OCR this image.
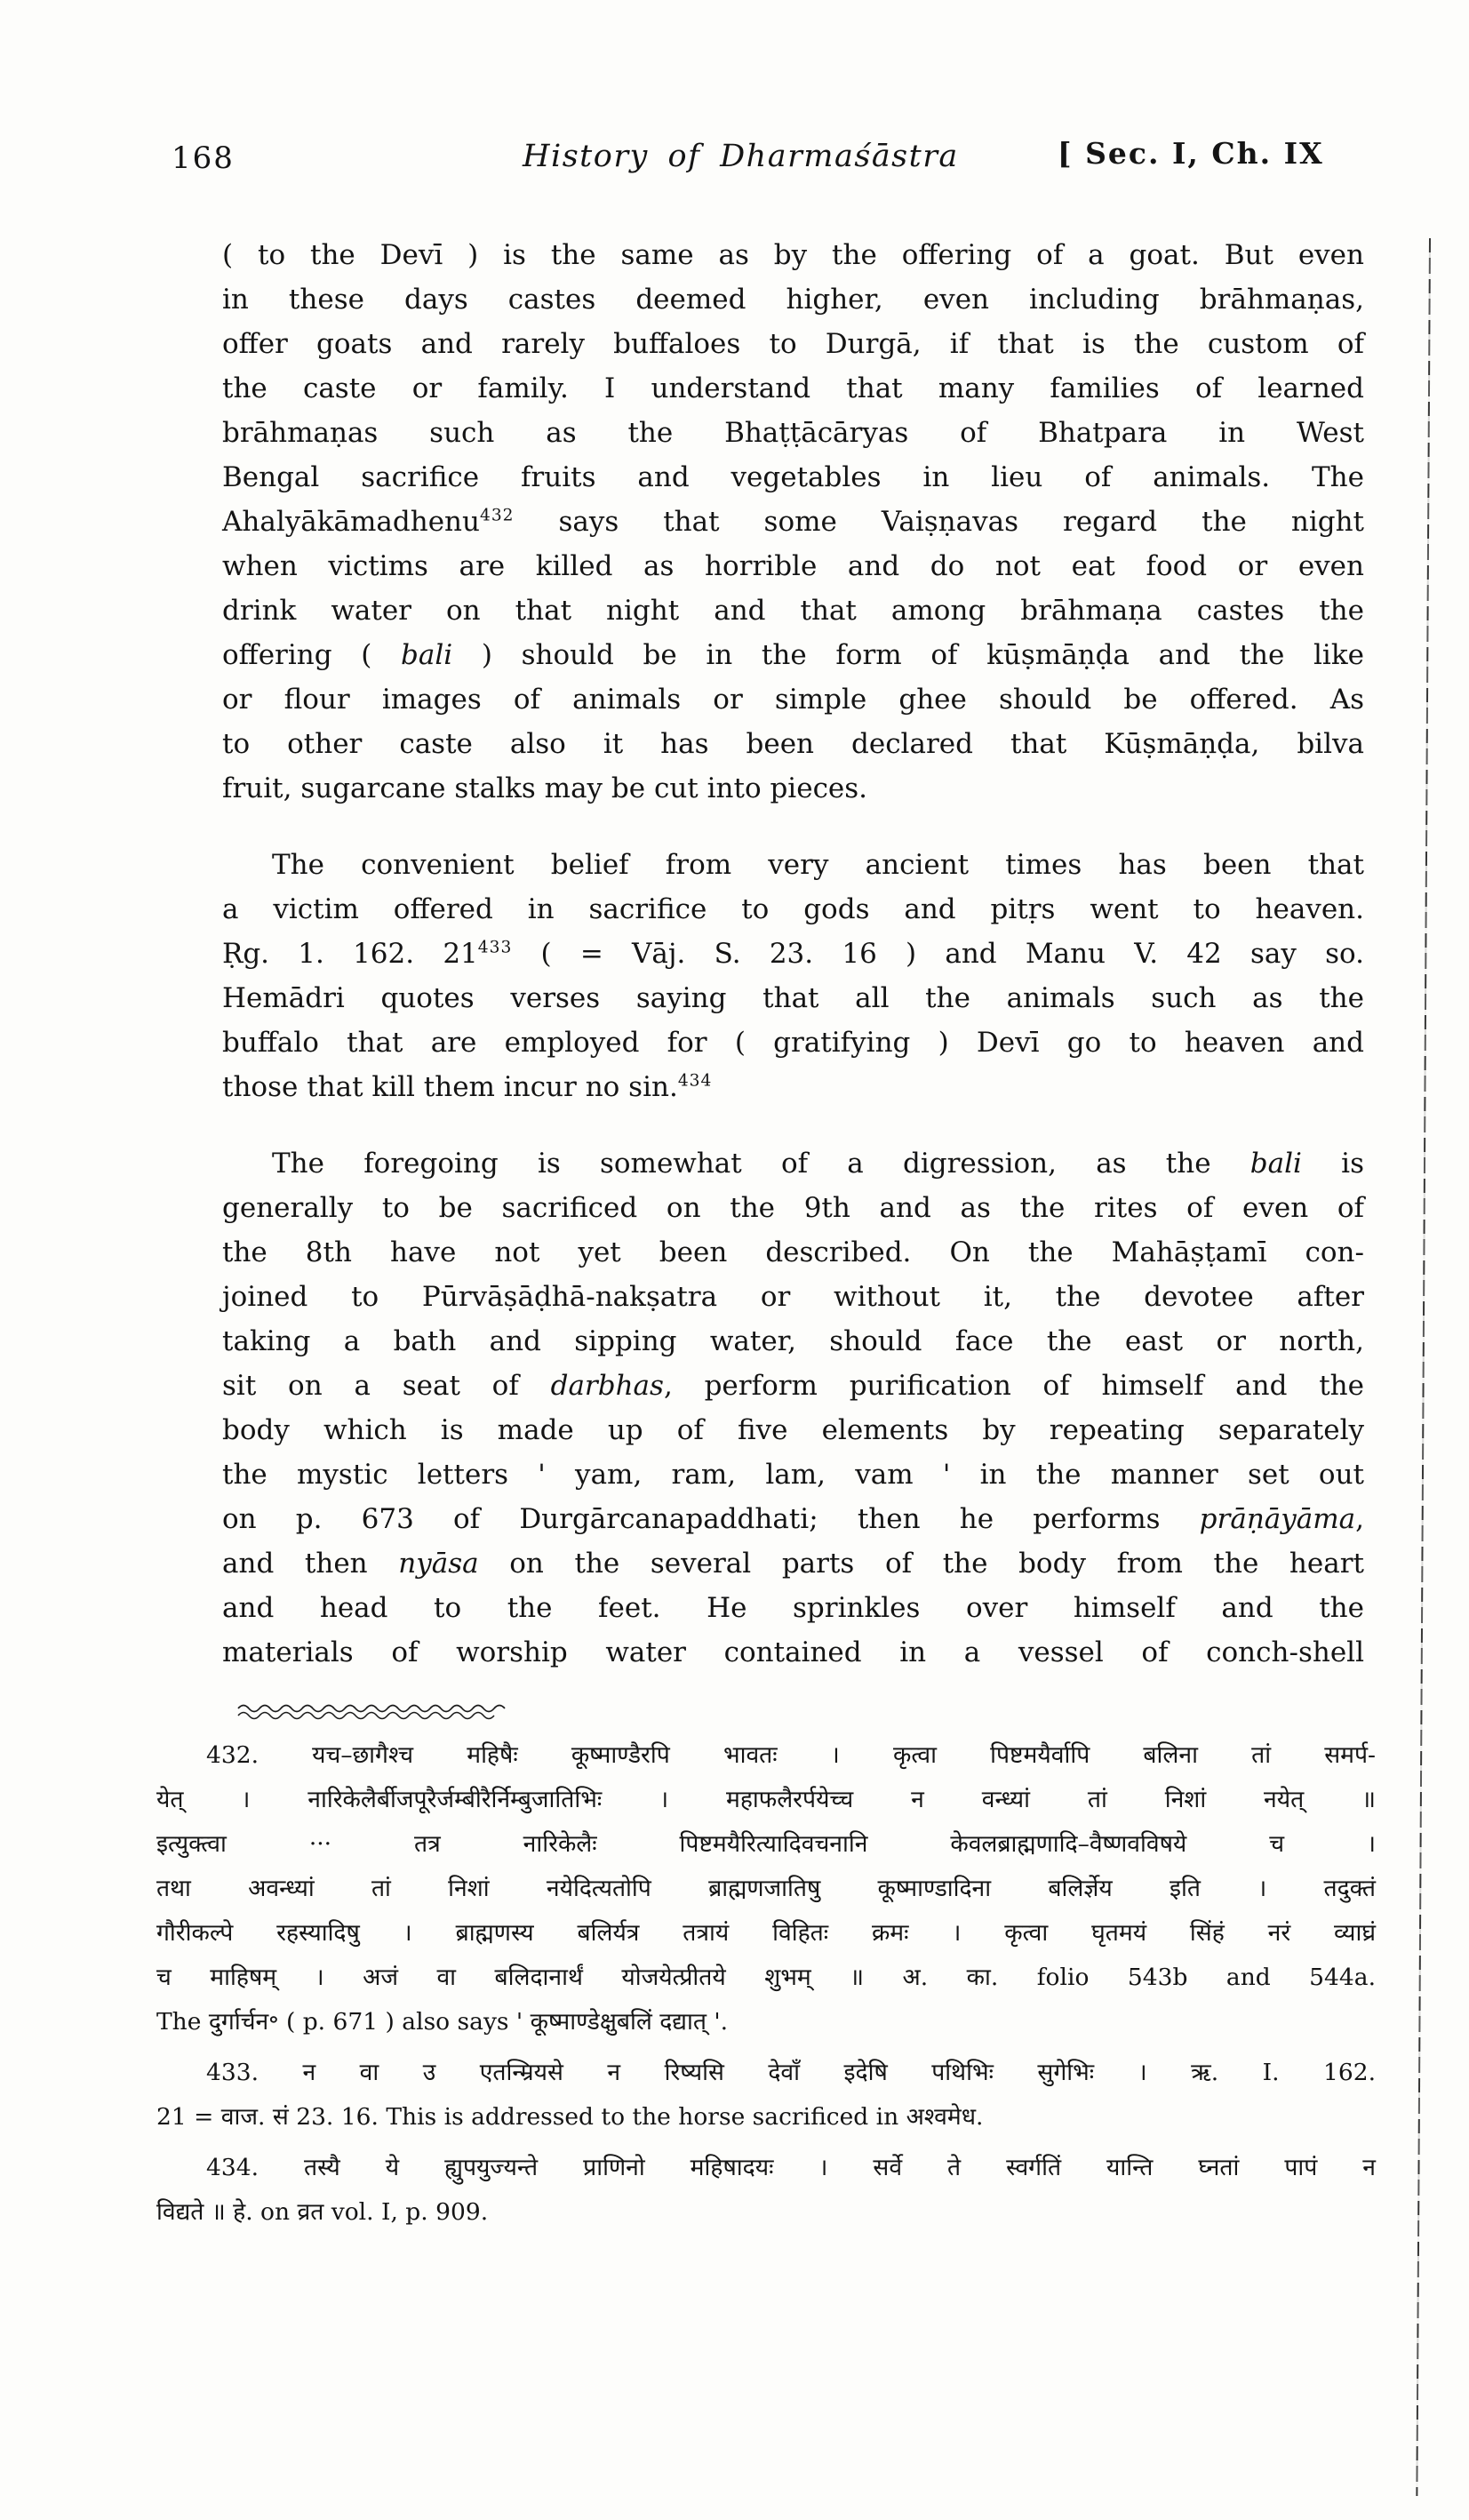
168	History of Dharmaśāstra	[ Sec. I, Ch. IX
( to the Devī ) is the same as by the offering of a goat. But even
in these days castes deemed higher, even including brāhmaṇas,
offer goats and rarely buffaloes to Durgā, if that is the custom of
the caste or family. I understand that many families of learned
brāhmaṇas such as the Bhaṭṭācāryas of Bhatpara in West
Bengal sacrifice fruits and vegetables in lieu of animals. The
Ahalyākāmadhenu$^{432}$ says that some Vaiṣṇavas regard the night
when victims are killed as horrible and do not eat food or even
drink water on that night and that among brāhmaṇa castes the
offering ( bali ) should be in the form of kūṣmāṇḍa and the like
or flour images of animals or simple ghee should be offered. As
to other caste also it has been declared that Kūṣmāṇḍa, bilva
fruit, sugarcane stalks may be cut into pieces.
The convenient belief from very ancient times has been that
a victim offered in sacrifice to gods and pitṛs went to heaven.
Ṛg. 1. 162. $21^{433}$ ( = Vāj. S. 23. 16 ) and Manu V. 42 say so.
Hemādri quotes verses saying that all the animals such as the
buffalo that are employed for ( gratifying ) Devī go to heaven and
those that kill them incur no sin.$^{434}$
The foregoing is somewhat of a digression, as the bali is
generally to be sacrificed on the 9th and as the rites of even of
the 8th have not yet been described. On the Mahāṣṭamī con-
joined to Pūrvāṣāḍhā-nakṣatra or without it, the devotee after
taking a bath and sipping water, should face the east or north,
sit on a seat of darbhas, perform purification of himself and the
body which is made up of five elements by repeating separately
the mystic letters ' yam, ram, lam, vam ' in the manner set out
on p. 673 of Durgārcanapaddhati; then he performs prāṇāyāma,
and then nyāsa on the several parts of the body from the heart
and head to the feet. He sprinkles over himself and the
materials of worship water contained in a vessel of conch-shell
432. यच–छागैश्च महिषैः कूष्माण्डैरपि भावतः । कृत्वा पिष्टमयैर्वापि बलिना तां समर्प-
येत् । नारिकेलैर्बीजपूरैर्जम्बीरैर्निम्बुजातिभिः । महाफलैरर्पयेच्च न वन्ध्यां तां निशां नयेत् ॥
इत्युक्त्वा ··· तत्र नारिकेलैः पिष्टमयैरित्यादिवचनानि केवलब्राह्मणादि–वैष्णवविषये च ।
तथा अवन्ध्यां तां निशां नयेदित्यतोपि ब्राह्मणजातिषु कूष्माण्डादिना बलिर्ज्ञेय इति । तदुक्तं
गौरीकल्पे रहस्यादिषु । ब्राह्मणस्य बलिर्यत्र तत्रायं विहितः क्रमः । कृत्वा घृतमयं सिंहं नरं व्याघ्रं
च माहिषम् । अजं वा बलिदानार्थं योजयेत्प्रीतये शुभम् ॥ अ. का. folio 543b and 544a.
The दुर्गार्चन॰ ( p. 671 ) also says ' कूष्माण्डेक्षुबलिं दद्यात् '.
433. न वा उ एतन्म्रियसे न रिष्यसि देवाँ इदेषि पथिभिः सुगेभिः । ऋ. I. 162.
21 = वाज. सं 23. 16. This is addressed to the horse sacrificed in अश्वमेध.
434. तस्यै ये ह्युपयुज्यन्ते प्राणिनो महिषादयः । सर्वे ते स्वर्गतिं यान्ति घ्नतां पापं न
विद्यते ॥ हे. on व्रत vol. I, p. 909.
